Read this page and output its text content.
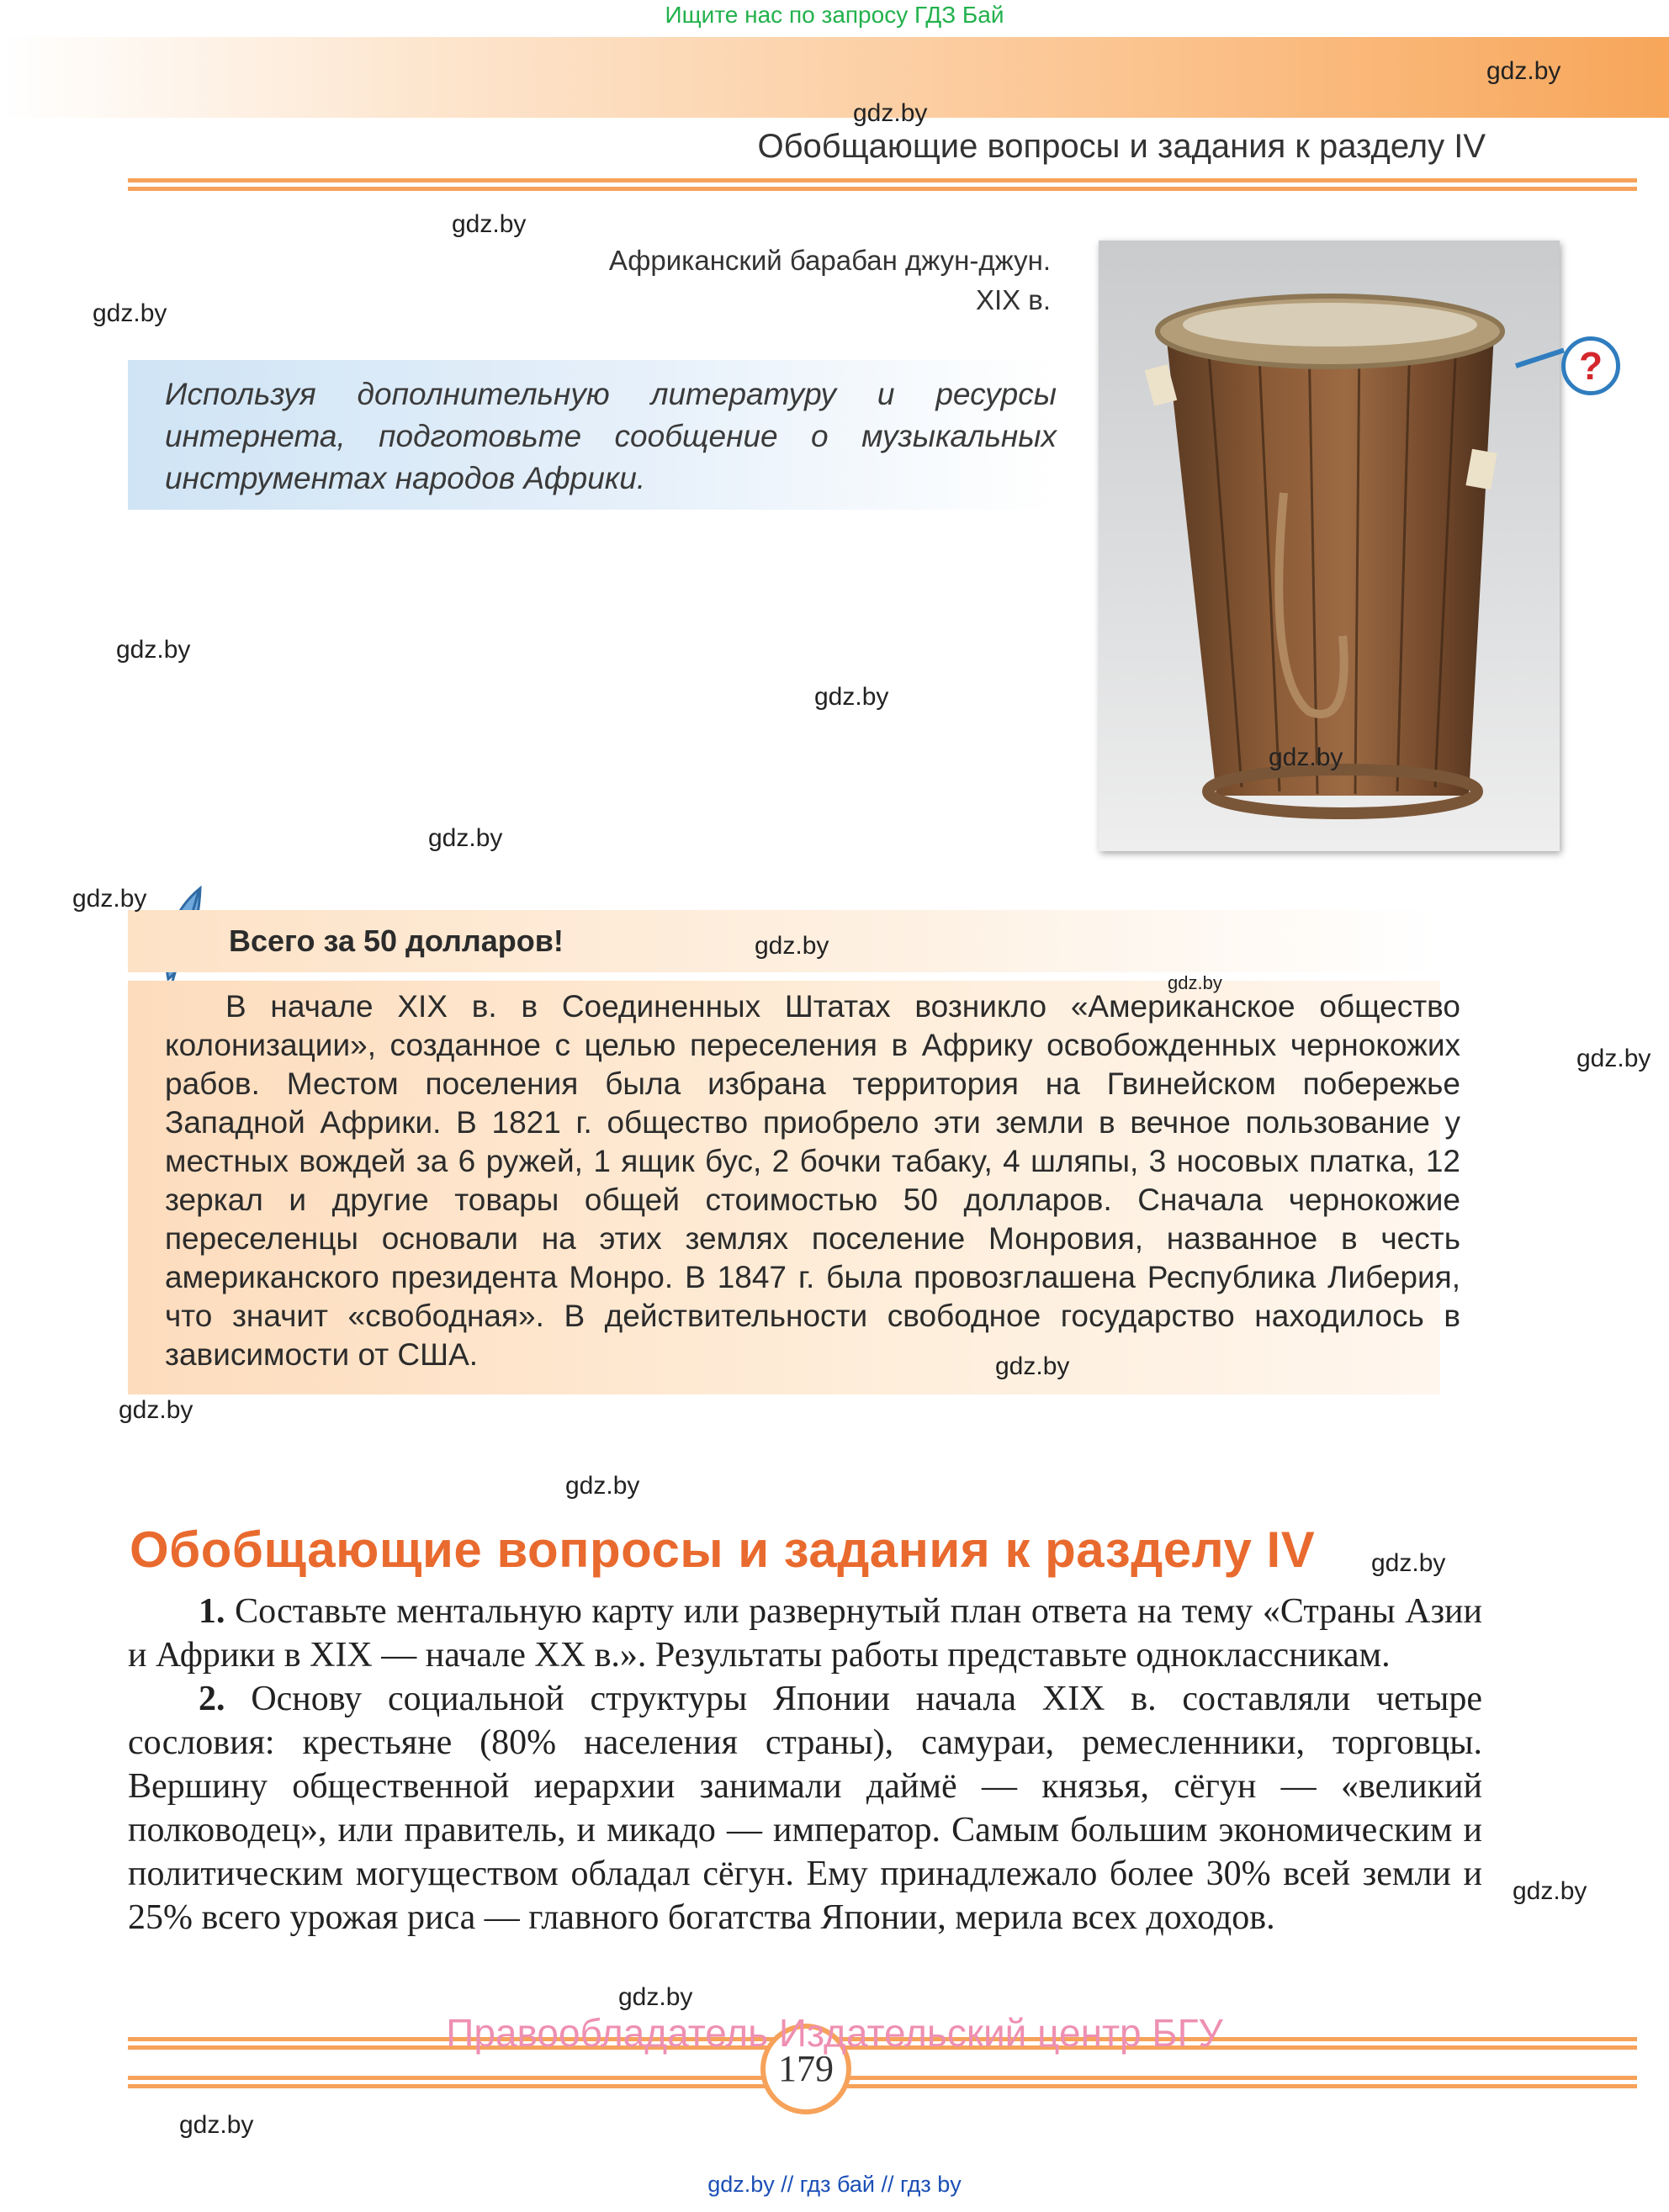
Ищите нас по запросу ГДЗ Бай
Обобщающие вопросы и задания к разделу IV
Африканский барабан джун-джун.
XIX в.
Используя дополнительную литературу и ресурсы интернета, подготовьте сообщение о музыкальных инструментах народов Африки.
?
Всего за 50 долларов!

В начале XIX в. в Соединенных Штатах возникло «Американское общество колонизации», созданное с целью переселения в Африку освобожденных чернокожих рабов. Местом поселения была избрана территория на Гвинейском побережье Западной Африки. В 1821 г. общество приобрело эти земли в вечное пользование у местных вождей за 6 ружей, 1 ящик бус, 2 бочки табаку, 4 шляпы, 3 носовых платка, 12 зеркал и другие товары общей стоимостью 50 долларов. Сначала чернокожие переселенцы основали на этих землях поселение Монровия, названное в честь американского президента Монро. В 1847 г. была провозглашена Республика Либерия, что значит «свободная». В действительности свободное государство находилось в зависимости от США.

Обобщающие вопросы и задания к разделу IV

1. Составьте ментальную карту или развернутый план ответа на тему «Страны Азии и Африки в XIX — начале XX в.». Результаты работы представьте одноклассникам.

2. Основу социальной структуры Японии начала XIX в. составляли четыре сословия: крестьяне (80% населения страны), самураи, ремесленники, торговцы. Вершину общественной иерархии занимали даймё — князья, сёгун — «великий полководец», или правитель, и микадо — император. Самым большим экономическим и политическим могуществом обладал сёгун. Ему принадлежало более 30% всей земли и 25% всего урожая риса — главного богатства Японии, мерила всех доходов.

179
Правообладатель Издательский центр БГУ
gdz.by // гдз бай // гдз by
gdz.by
gdz.by
gdz.by
gdz.by
gdz.by
gdz.by
gdz.by
gdz.by
gdz.by
gdz.by
gdz.by
gdz.by
gdz.by
gdz.by
gdz.by
gdz.by
gdz.by
gdz.by
gdz.by
